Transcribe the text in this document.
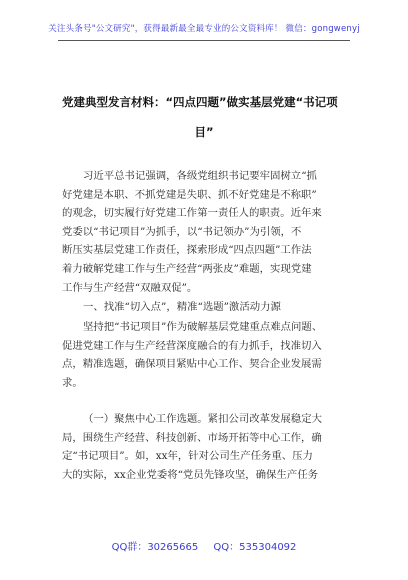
关注头条号"公文研究"，获得最新最全最专业的公文资料库！ 微信：gongwenyj
党建典型发言材料：“四点四题”做实基层党建“书记项
目”
习近平总书记强调，各级党组织书记要牢固树立“抓
好党建是本职、不抓党建是失职、抓不好党建是不称职”
的观念，切实履行好党建工作第一责任人的职责。近年来
党委以“书记项目”为抓手，以“书记领办”为引领，不
断压实基层党建工作责任，探索形成“四点四题”工作法
着力破解党建工作与生产经营“两张皮”难题，实现党建
工作与生产经营“双融双促”。
一、找准“切入点”，精准“选题”激活动力源
坚持把“书记项目”作为破解基层党建重点难点问题、
促进党建工作与生产经营深度融合的有力抓手，找准切入
点，精准选题，确保项目紧贴中心工作、契合企业发展需
求。
（一）聚焦中心工作选题。紧扣公司改革发展稳定大
局，围绕生产经营、科技创新、市场开拓等中心工作，确
定“书记项目”。如，xx年，针对公司生产任务重、压力
大的实际，xx企业党委将“党员先锋攻坚，确保生产任务
QQ群：30265665 QQ：535304092
